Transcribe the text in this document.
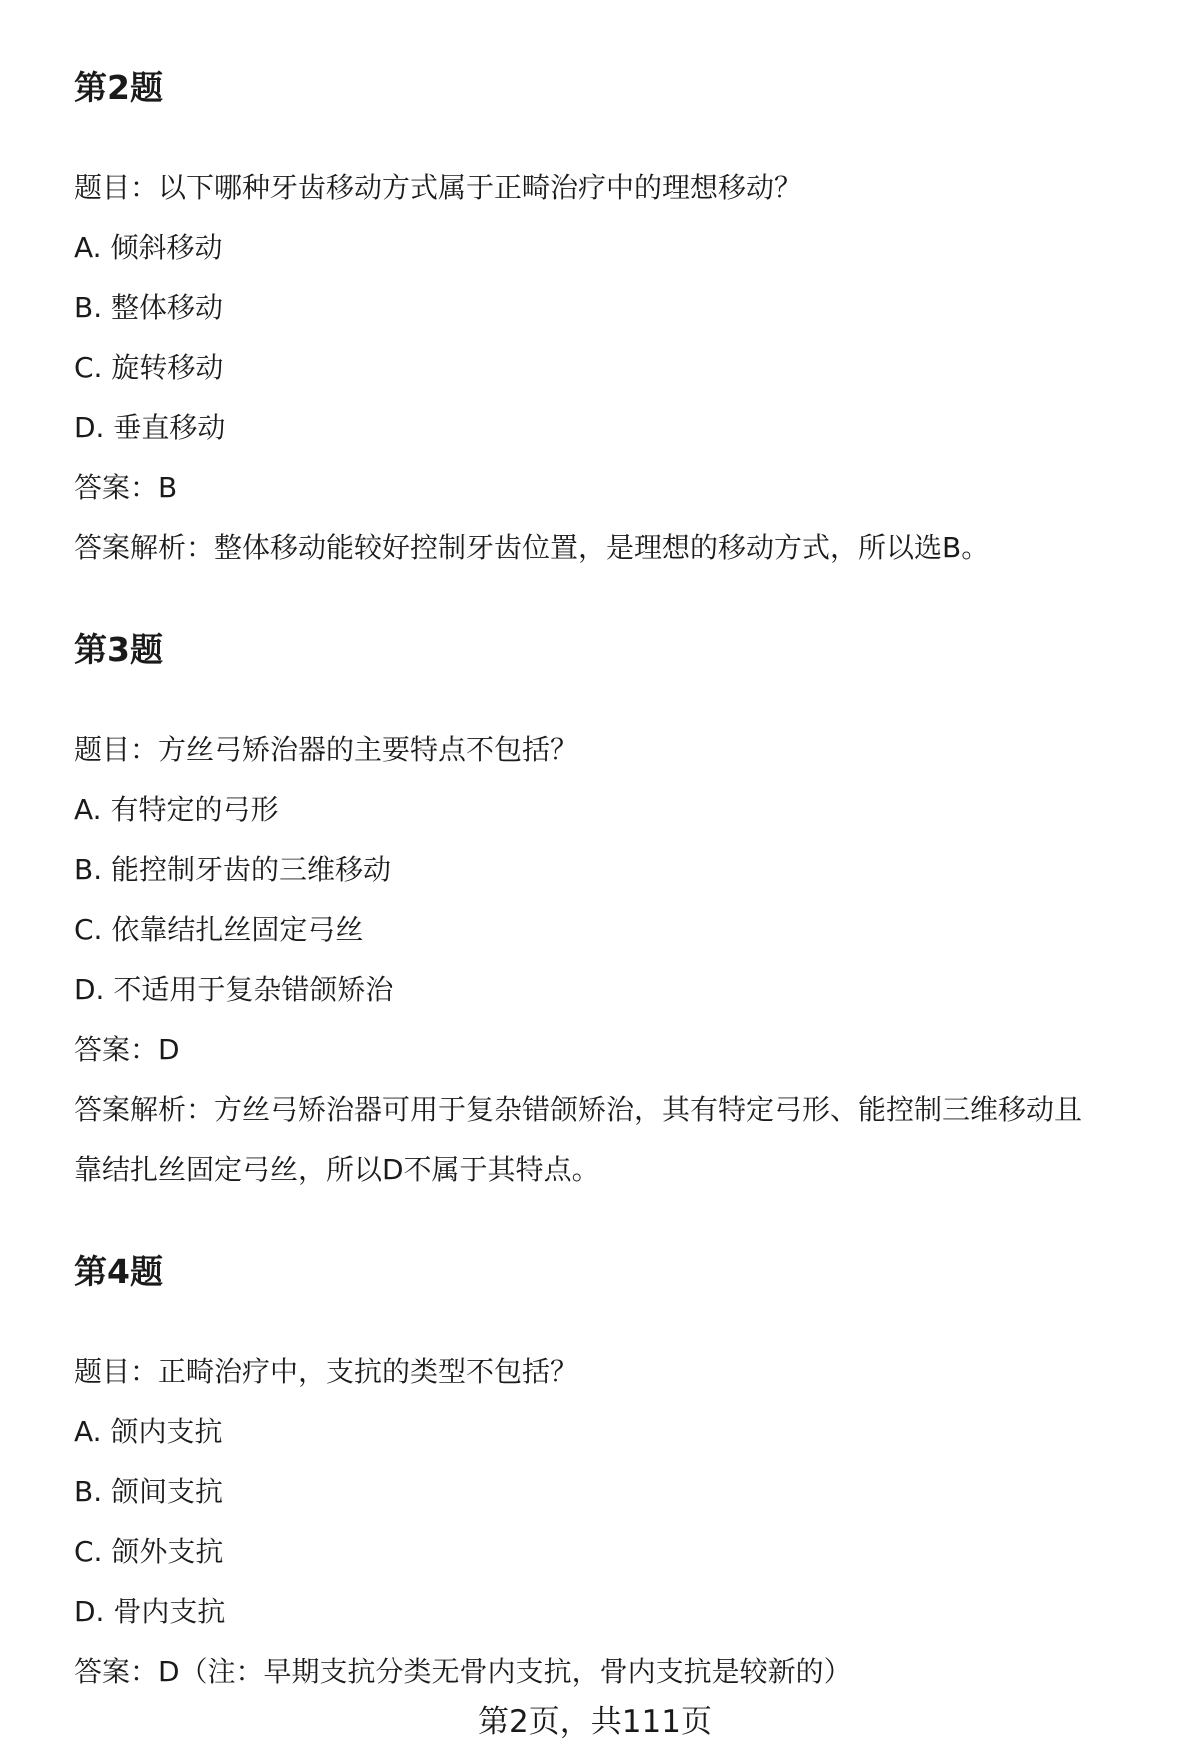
第2题

题目：以下哪种牙齿移动方式属于正畸治疗中的理想移动？

A. 倾斜移动

B. 整体移动

C. 旋转移动

D. 垂直移动

答案：B

答案解析：整体移动能较好控制牙齿位置，是理想的移动方式，所以选B。

第3题

题目：方丝弓矫治器的主要特点不包括？

A. 有特定的弓形

B. 能控制牙齿的三维移动

C. 依靠结扎丝固定弓丝

D. 不适用于复杂错颌矫治

答案：D

答案解析：方丝弓矫治器可用于复杂错颌矫治，其有特定弓形、能控制三维移动且

靠结扎丝固定弓丝，所以D不属于其特点。

第4题

题目：正畸治疗中，支抗的类型不包括？

A. 颌内支抗

B. 颌间支抗

C. 颌外支抗

D. 骨内支抗

答案：D（注：早期支抗分类无骨内支抗，骨内支抗是较新的）

第2页，共111页
